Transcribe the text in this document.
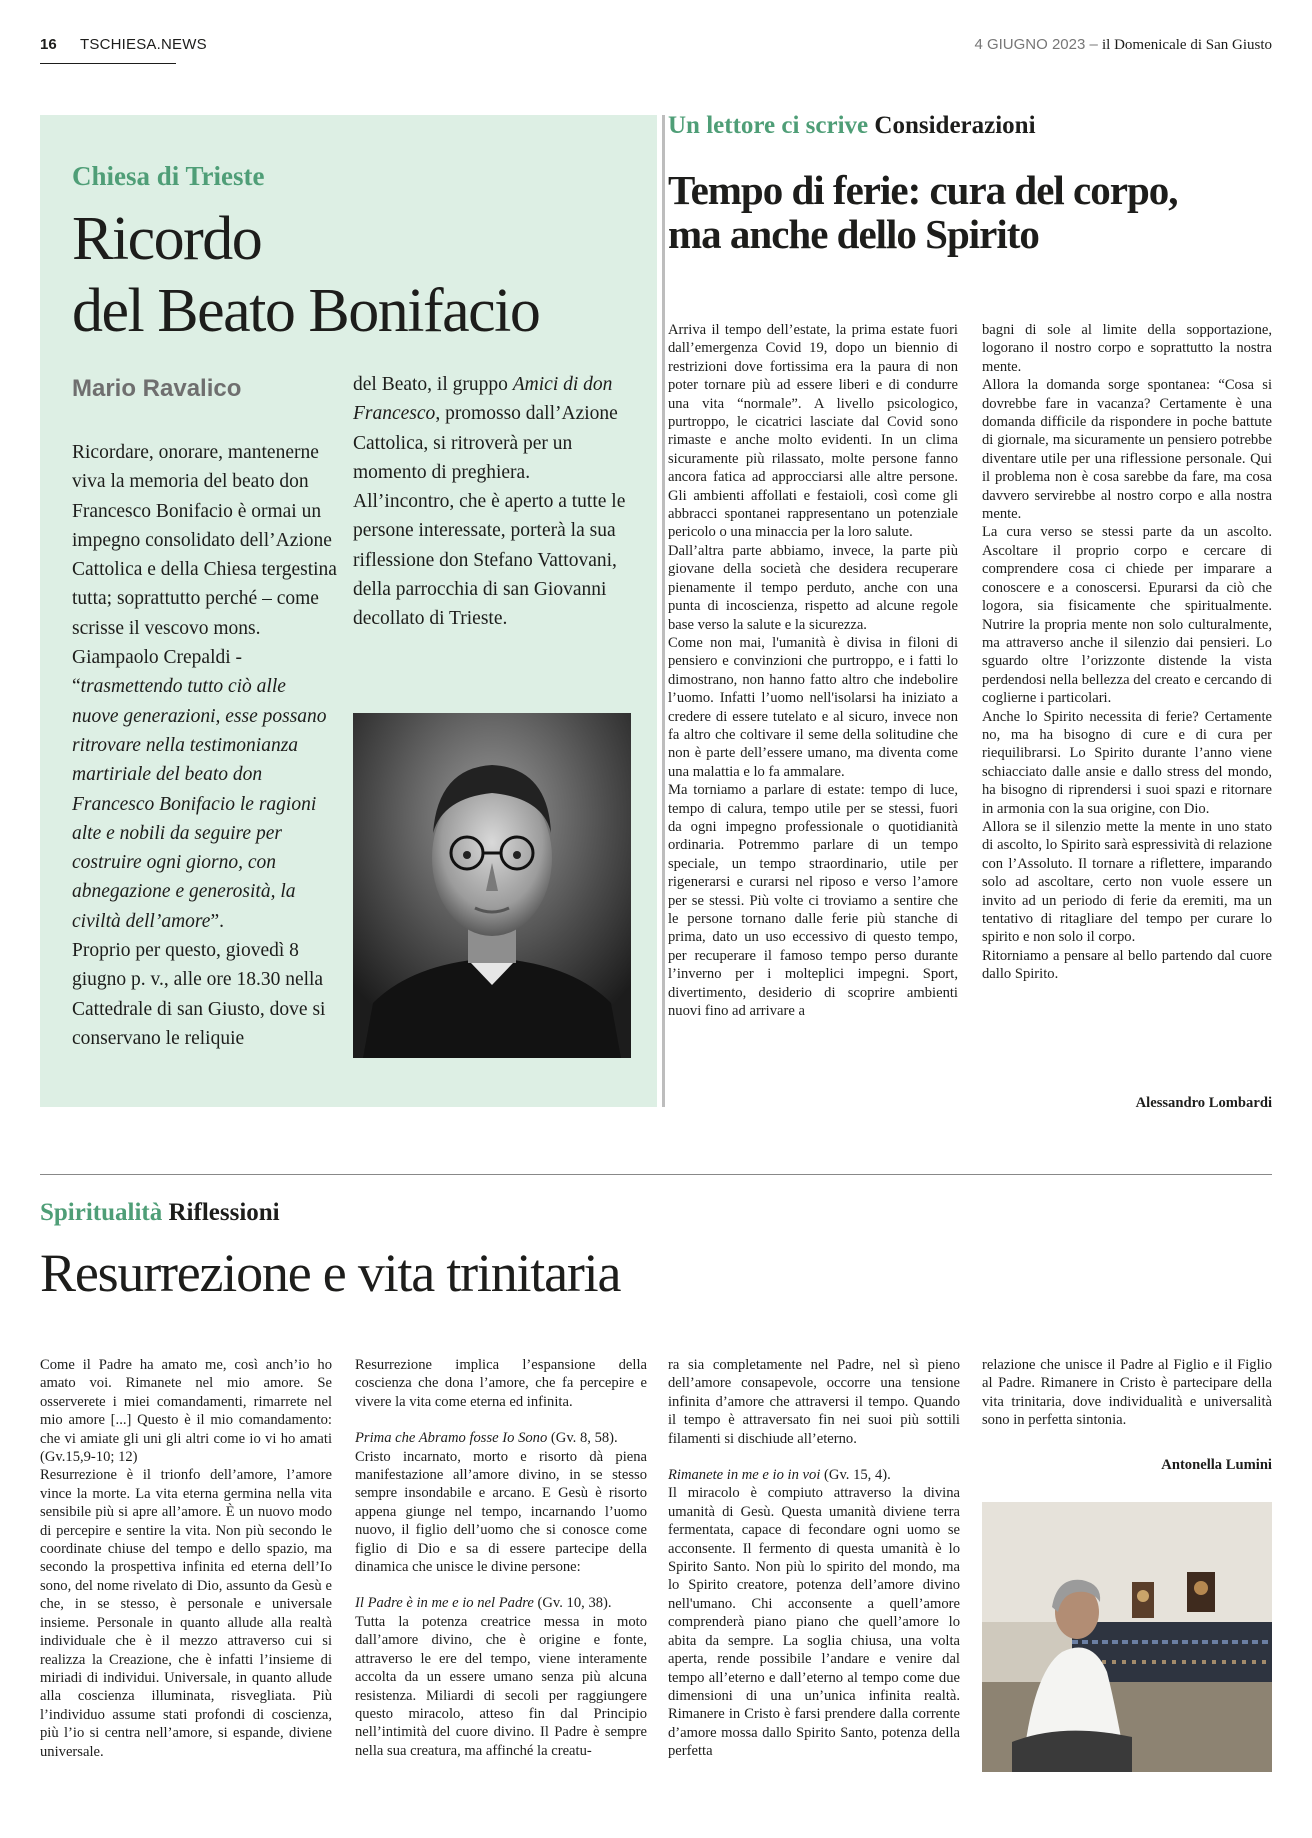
16 TSCHIESA.NEWS	4 GIUGNO 2023 – il Domenicale di San Giusto
Chiesa di Trieste
Ricordo
del Beato Bonifacio
Mario Ravalico

Ricordare, onorare, mantenerne viva la memoria del beato don Francesco Bonifacio è ormai un impegno consolidato dell’Azione Cattolica e della Chiesa tergestina tutta; soprattutto perché – come scrisse il vescovo mons. Giampaolo Crepaldi - “trasmettendo tutto ciò alle nuove generazioni, esse possano ritrovare nella testimonianza martiriale del beato don Francesco Bonifacio le ragioni alte e nobili da seguire per costruire ogni giorno, con abnegazione e generosità, la civiltà dell’amore”.

Proprio per questo, giovedì 8 giugno p. v., alle ore 18.30 nella Cattedrale di san Giusto, dove si conservano le reliquie

del Beato, il gruppo Amici di don Francesco, promosso dall’Azione Cattolica, si ritroverà per un momento di preghiera.

All’incontro, che è aperto a tutte le persone interessate, porterà la sua riflessione don Stefano Vattovani, della parrocchia di san Giovanni decollato di Trieste.

Un lettore ci scrive Considerazioni
Tempo di ferie: cura del corpo,
ma anche dello Spirito

Arriva il tempo dell’estate, la prima estate fuori dall’emergenza Covid 19, dopo un biennio di restrizioni dove fortissima era la paura di non poter tornare più ad essere liberi e di condurre una vita “normale”. A livello psicologico, purtroppo, le cicatrici lasciate dal Covid sono rimaste e anche molto evidenti. In un clima sicuramente più rilassato, molte persone fanno ancora fatica ad approcciarsi alle altre persone. Gli ambienti affollati e festaioli, così come gli abbracci spontanei rappresentano un potenziale pericolo o una minaccia per la loro salute.

Dall’altra parte abbiamo, invece, la parte più giovane della società che desidera recuperare pienamente il tempo perduto, anche con una punta di incoscienza, rispetto ad alcune regole base verso la salute e la sicurezza.

Come non mai, l'umanità è divisa in filoni di pensiero e convinzioni che purtroppo, e i fatti lo dimostrano, non hanno fatto altro che indebolire l’uomo. Infatti l’uomo nell'isolarsi ha iniziato a credere di essere tutelato e al sicuro, invece non fa altro che coltivare il seme della solitudine che non è parte dell’essere umano, ma diventa come una malattia e lo fa ammalare.

Ma torniamo a parlare di estate: tempo di luce, tempo di calura, tempo utile per se stessi, fuori da ogni impegno professionale o quotidianità ordinaria. Potremmo parlare di un tempo speciale, un tempo straordinario, utile per rigenerarsi e curarsi nel riposo e verso l’amore per se stessi. Più volte ci troviamo a sentire che le persone tornano dalle ferie più stanche di prima, dato un uso eccessivo di questo tempo, per recuperare il famoso tempo perso durante l’inverno per i molteplici impegni. Sport, divertimento, desiderio di scoprire ambienti nuovi fino ad arrivare a

bagni di sole al limite della sopportazione, logorano il nostro corpo e soprattutto la nostra mente.

Allora la domanda sorge spontanea: “Cosa si dovrebbe fare in vacanza? Certamente è una domanda difficile da rispondere in poche battute di giornale, ma sicuramente un pensiero potrebbe diventare utile per una riflessione personale. Qui il problema non è cosa sarebbe da fare, ma cosa davvero servirebbe al nostro corpo e alla nostra mente.

La cura verso se stessi parte da un ascolto. Ascoltare il proprio corpo e cercare di comprendere cosa ci chiede per imparare a conoscere e a conoscersi. Epurarsi da ciò che logora, sia fisicamente che spiritualmente. Nutrire la propria mente non solo culturalmente, ma attraverso anche il silenzio dai pensieri. Lo sguardo oltre l’orizzonte distende la vista perdendosi nella bellezza del creato e cercando di coglierne i particolari.

Anche lo Spirito necessita di ferie? Certamente no, ma ha bisogno di cure e di cura per riequilibrarsi. Lo Spirito durante l’anno viene schiacciato dalle ansie e dallo stress del mondo, ha bisogno di riprendersi i suoi spazi e ritornare in armonia con la sua origine, con Dio.

Allora se il silenzio mette la mente in uno stato di ascolto, lo Spirito sarà espressività di relazione con l’Assoluto. Il tornare a riflettere, imparando solo ad ascoltare, certo non vuole essere un invito ad un periodo di ferie da eremiti, ma un tentativo di ritagliare del tempo per curare lo spirito e non solo il corpo.

Ritorniamo a pensare al bello partendo dal cuore dallo Spirito.

Alessandro Lombardi
Spiritualità Riflessioni
Resurrezione e vita trinitaria

Come il Padre ha amato me, così anch’io ho amato voi. Rimanete nel mio amore. Se osserverete i miei comandamenti, rimarrete nel mio amore [...] Questo è il mio comandamento: che vi amiate gli uni gli altri come io vi ho amati (Gv.15,9-10; 12)

Resurrezione è il trionfo dell’amore, l’amore vince la morte. La vita eterna germina nella vita sensibile più si apre all’amore. È un nuovo modo di percepire e sentire la vita. Non più secondo le coordinate chiuse del tempo e dello spazio, ma secondo la prospettiva infinita ed eterna dell’Io sono, del nome rivelato di Dio, assunto da Gesù e che, in se stesso, è personale e universale insieme. Personale in quanto allude alla realtà individuale che è il mezzo attraverso cui si realizza la Creazione, che è infatti l’insieme di miriadi di individui. Universale, in quanto allude alla coscienza illuminata, risvegliata. Più l’individuo assume stati profondi di coscienza, più l’io si centra nell’amore, si espande, diviene universale.

Resurrezione implica l’espansione della coscienza che dona l’amore, che fa percepire e vivere la vita come eterna ed infinita.

Prima che Abramo fosse Io Sono (Gv. 8, 58).

Cristo incarnato, morto e risorto dà piena manifestazione all’amore divino, in se stesso sempre insondabile e arcano. E Gesù è risorto appena giunge nel tempo, incarnando l’uomo nuovo, il figlio dell’uomo che si conosce come figlio di Dio e sa di essere partecipe della dinamica che unisce le divine persone:

Il Padre è in me e io nel Padre (Gv. 10, 38).

Tutta la potenza creatrice messa in moto dall’amore divino, che è origine e fonte, attraverso le ere del tempo, viene interamente accolta da un essere umano senza più alcuna resistenza. Miliardi di secoli per raggiungere questo miracolo, atteso fin dal Principio nell’intimità del cuore divino. Il Padre è sempre nella sua creatura, ma affinché la creatu-

ra sia completamente nel Padre, nel sì pieno dell’amore consapevole, occorre una tensione infinita d’amore che attraversi il tempo. Quando il tempo è attraversato fin nei suoi più sottili filamenti si dischiude all’eterno.

Rimanete in me e io in voi (Gv. 15, 4).

Il miracolo è compiuto attraverso la divina umanità di Gesù. Questa umanità diviene terra fermentata, capace di fecondare ogni uomo se acconsente. Il fermento di questa umanità è lo Spirito Santo. Non più lo spirito del mondo, ma lo Spirito creatore, potenza dell’amore divino nell'umano. Chi acconsente a quell’amore comprenderà piano piano che quell’amore lo abita da sempre. La soglia chiusa, una volta aperta, rende possibile l’andare e venire dal tempo all’eterno e dall’eterno al tempo come due dimensioni di una un’unica infinita realtà. Rimanere in Cristo è farsi prendere dalla corrente d’amore mossa dallo Spirito Santo, potenza della perfetta

relazione che unisce il Padre al Figlio e il Figlio al Padre. Rimanere in Cristo è partecipare della vita trinitaria, dove individualità e universalità sono in perfetta sintonia.

Antonella Lumini
